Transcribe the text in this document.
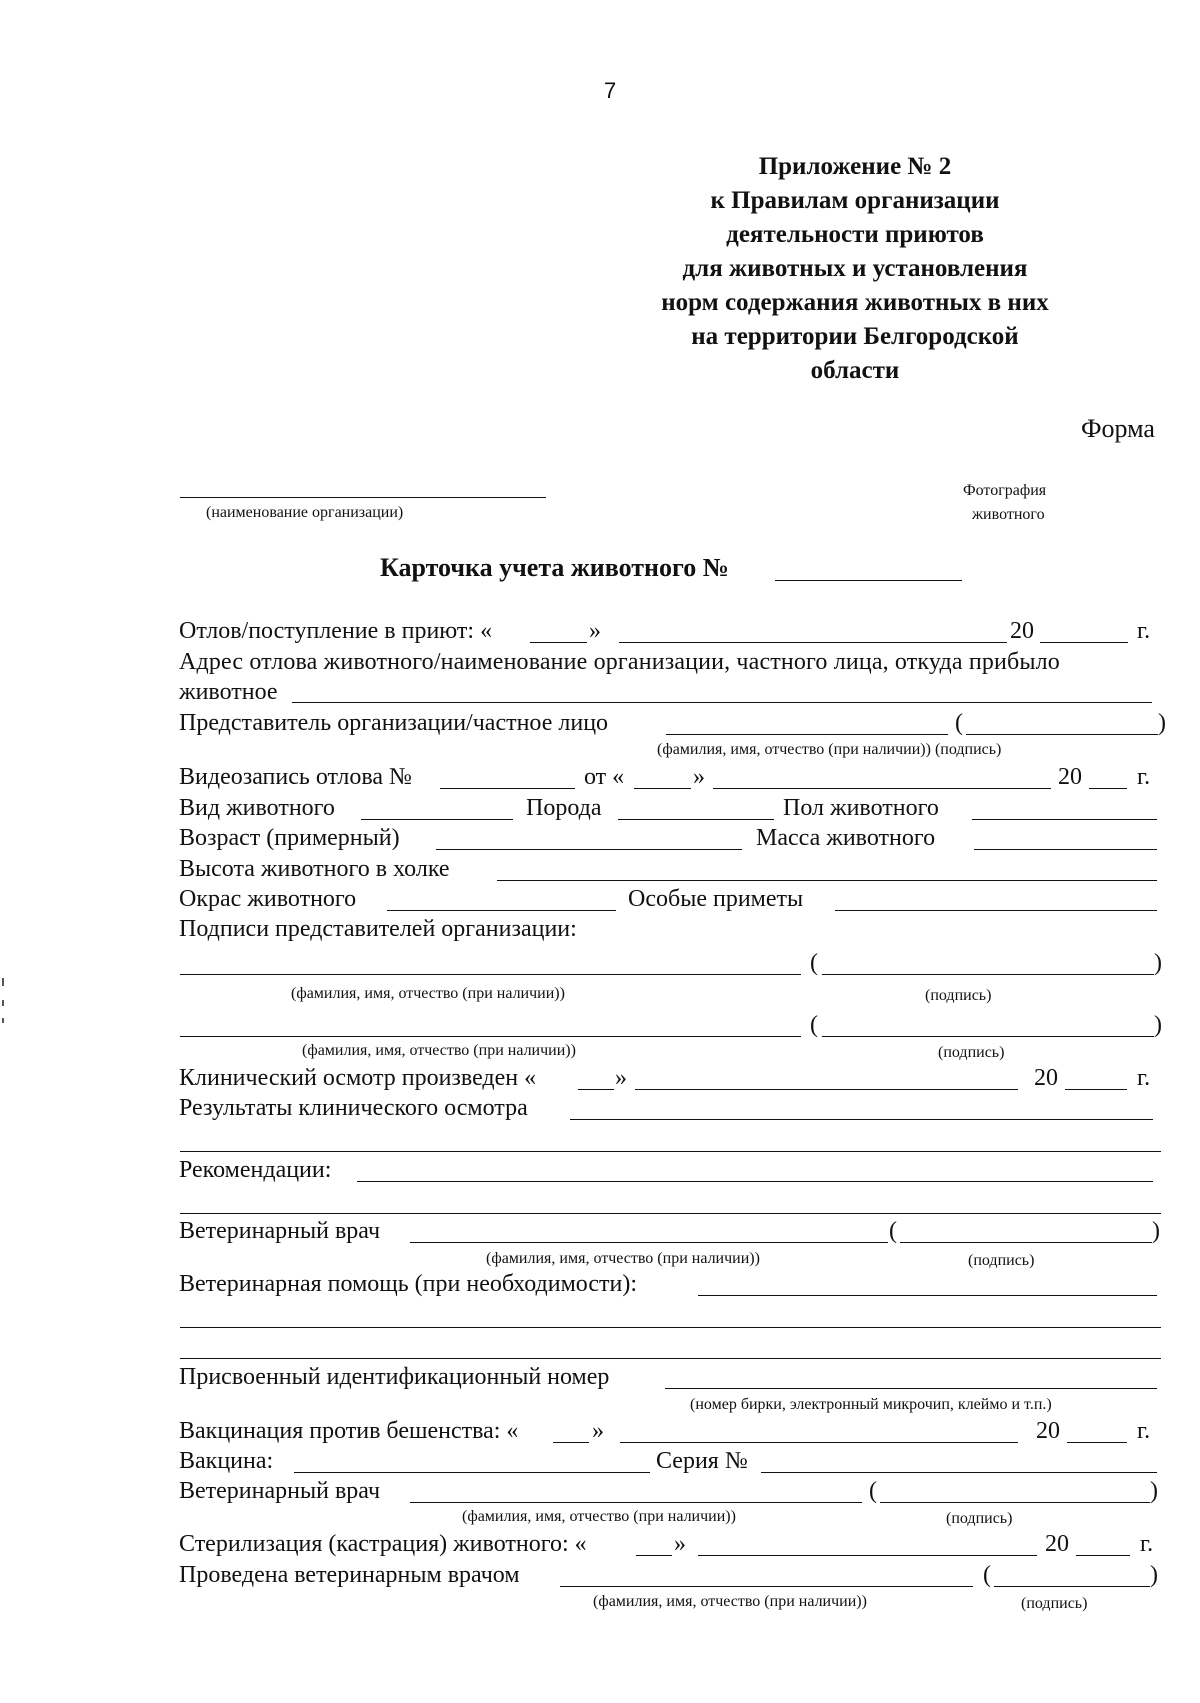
7
Приложение № 2
к Правилам организации
деятельности приютов
для животных и установления
норм содержания животных в них
на территории Белгородской
области
Форма
(наименование организации)
Фотография
животного
Карточка учета животного №
Отлов/поступление в приют: «	»	20	г.
Адрес отлова животного/наименование организации, частного лица, откуда прибыло
животное
Представитель организации/частное лицо	(	)
(фамилия, имя, отчество (при наличии)) (подпись)
Видеозапись отлова №	от «	»	20 г.
Вид животного	Порода	Пол животного
Возраст (примерный)	Масса животного
Высота животного в холке
Окрас животного	Особые приметы
Подписи представителей организации:
(	)
(фамилия, имя, отчество (при наличии))	(подпись)
(	)
(фамилия, имя, отчество (при наличии))	(подпись)
Клинический осмотр произведен «	»	20	г.
Результаты клинического осмотра
Рекомендации:
Ветеринарный врач	(	)
(фамилия, имя, отчество (при наличии))	(подпись)
Ветеринарная помощь (при необходимости):
Присвоенный идентификационный номер
(номер бирки, электронный микрочип, клеймо и т.п.)
Вакцинация против бешенства: «	»	20	г.
Вакцина:	Серия №
Ветеринарный врач	(	)
(фамилия, имя, отчество (при наличии))	(подпись)
Стерилизация (кастрация) животного: «	»	20	г.
Проведена ветеринарным врачом	(	)
(фамилия, имя, отчество (при наличии))	(подпись)
